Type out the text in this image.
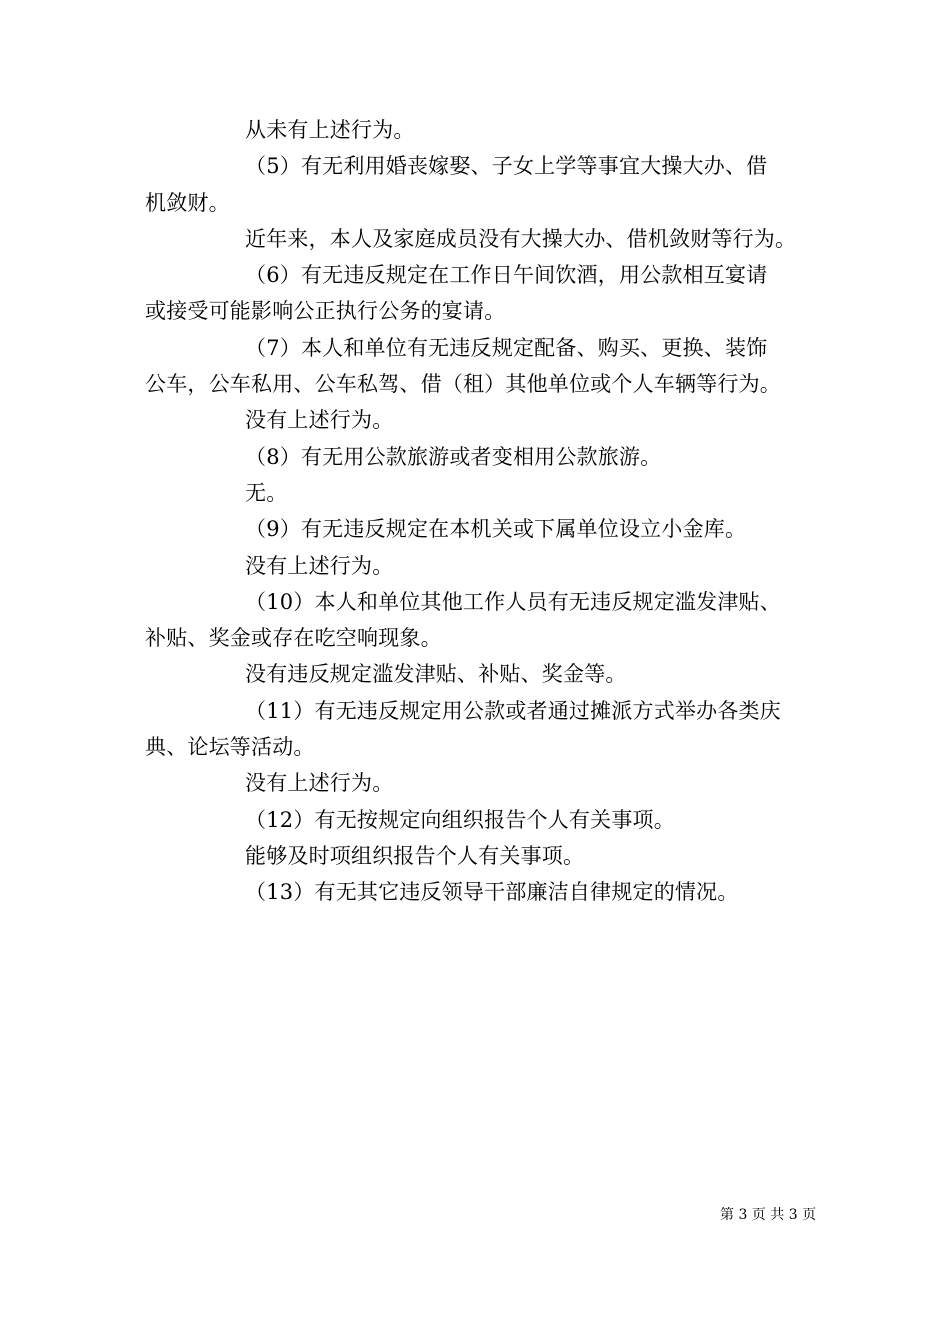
从未有上述行为。
（5）有无利用婚丧嫁娶、子女上学等事宜大操大办、借
机敛财。
近年来，本人及家庭成员没有大操大办、借机敛财等行为。
（6）有无违反规定在工作日午间饮酒，用公款相互宴请
或接受可能影响公正执行公务的宴请。
（7）本人和单位有无违反规定配备、购买、更换、装饰
公车，公车私用、公车私驾、借（租）其他单位或个人车辆等行为。
没有上述行为。
（8）有无用公款旅游或者变相用公款旅游。
无。
（9）有无违反规定在本机关或下属单位设立小金库。
没有上述行为。
（10）本人和单位其他工作人员有无违反规定滥发津贴、
补贴、奖金或存在吃空响现象。
没有违反规定滥发津贴、补贴、奖金等。
（11）有无违反规定用公款或者通过摊派方式举办各类庆
典、论坛等活动。
没有上述行为。
（12）有无按规定向组织报告个人有关事项。
能够及时项组织报告个人有关事项。
（13）有无其它违反领导干部廉洁自律规定的情况。
第 3 页 共 3 页
